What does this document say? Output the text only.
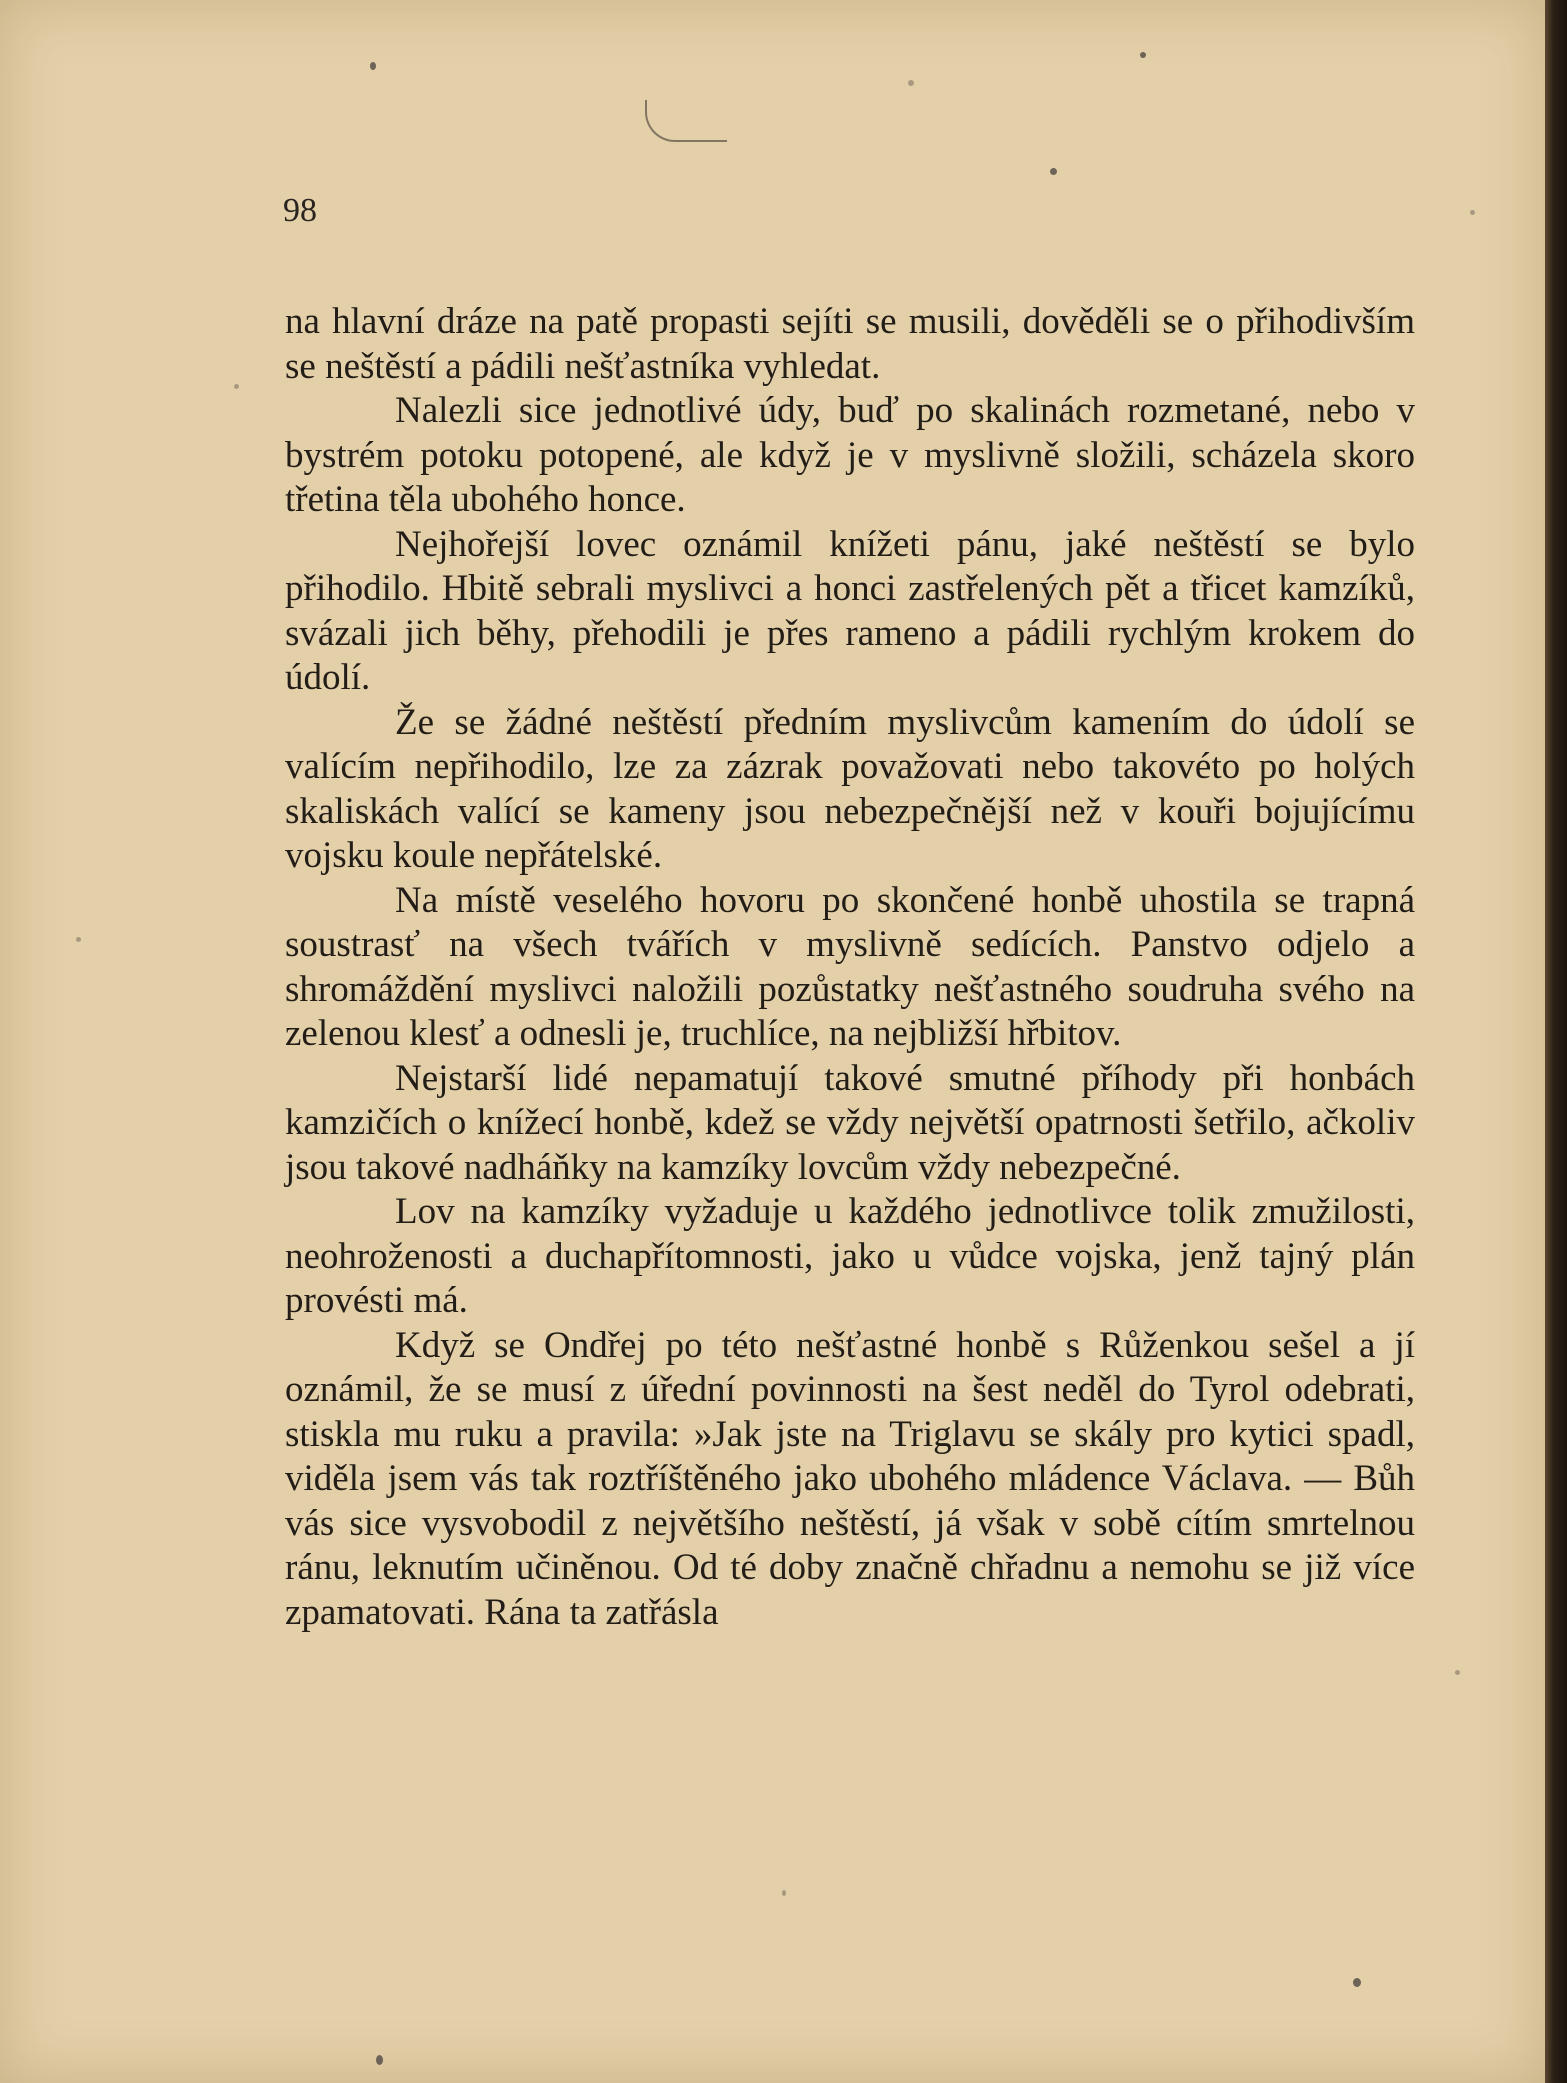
98

na hlavní dráze na patě propasti sejíti se musili, dověděli se o přihodivším se neštěstí a pádili nešťastníka vyhledat.

Nalezli sice jednotlivé údy, buď po skalinách rozmetané, nebo v bystrém potoku potopené, ale když je v myslivně složili, scházela skoro třetina těla ubohého honce.

Nejhořejší lovec oznámil knížeti pánu, jaké neštěstí se bylo přihodilo. Hbitě sebrali myslivci a honci zastřelených pět a třicet kamzíků, svázali jich běhy, přehodili je přes rameno a pádili rychlým krokem do údolí.

Že se žádné neštěstí předním myslivcům kamením do údolí se valícím nepřihodilo, lze za zázrak považovati nebo takovéto po holých skaliskách valící se kameny jsou nebezpečnější než v kouři bojujícímu vojsku koule nepřátelské.

Na místě veselého hovoru po skončené honbě uhostila se trapná soustrasť na všech tvářích v myslivně sedících. Panstvo odjelo a shromáždění myslivci naložili pozůstatky nešťastného soudruha svého na zelenou klesť a odnesli je, truchlíce, na nejbližší hřbitov.

Nejstarší lidé nepamatují takové smutné příhody při honbách kamzičích o knížecí honbě, kdež se vždy největší opatrnosti šetřilo, ačkoliv jsou takové nadháňky na kamzíky lovcům vždy nebezpečné.

Lov na kamzíky vyžaduje u každého jednotlivce tolik zmužilosti, neohroženosti a duchapřítomnosti, jako u vůdce vojska, jenž tajný plán provésti má.

Když se Ondřej po této nešťastné honbě s Růženkou sešel a jí oznámil, že se musí z úřední povinnosti na šest neděl do Tyrol odebrati, stiskla mu ruku a pravila: »Jak jste na Triglavu se skály pro kytici spadl, viděla jsem vás tak roztříštěného jako ubohého mládence Václava. — Bůh vás sice vysvobodil z největšího neštěstí, já však v sobě cítím smrtelnou ránu, leknutím učiněnou. Od té doby značně chřadnu a nemohu se již více zpamatovati. Rána ta zatřásla
